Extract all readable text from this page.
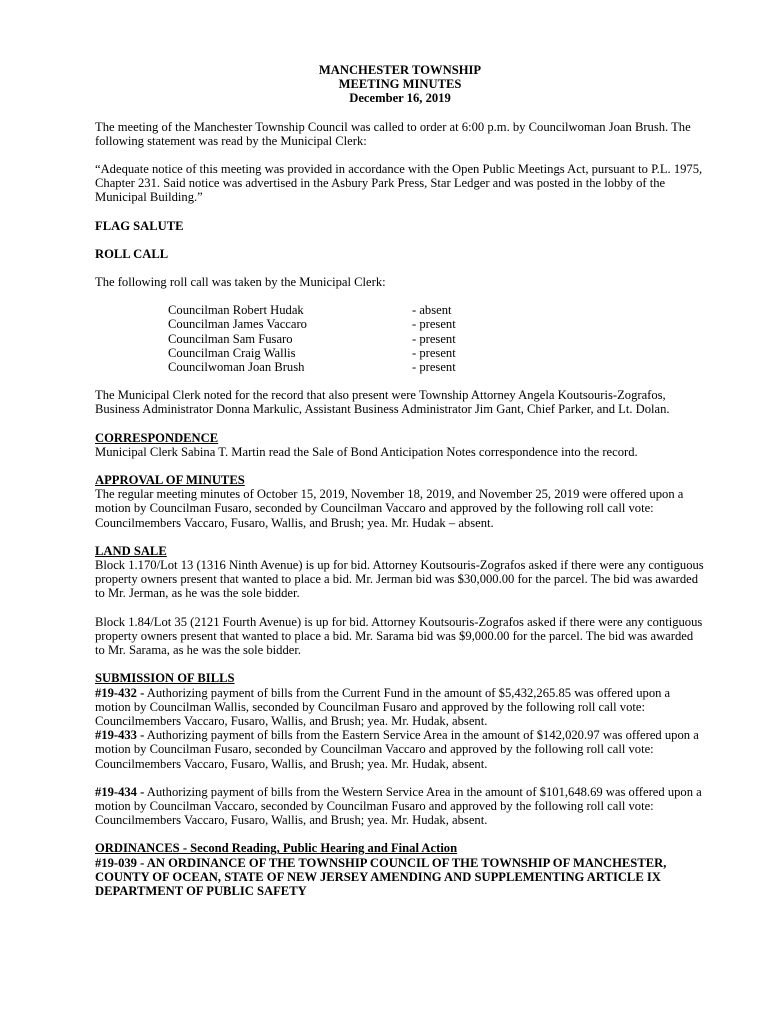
MANCHESTER TOWNSHIP
MEETING MINUTES
December 16, 2019

The meeting of the Manchester Township Council was called to order at 6:00 p.m. by Councilwoman Joan Brush. The following statement was read by the Municipal Clerk:

“Adequate notice of this meeting was provided in accordance with the Open Public Meetings Act, pursuant to P.L. 1975, Chapter 231. Said notice was advertised in the Asbury Park Press, Star Ledger and was posted in the lobby of the Municipal Building.”

FLAG SALUTE

ROLL CALL

The following roll call was taken by the Municipal Clerk:

Councilman Robert Hudak	- absent
Councilman James Vaccaro	- present
Councilman Sam Fusaro	- present
Councilman Craig Wallis	- present
Councilwoman Joan Brush	- present

The Municipal Clerk noted for the record that also present were Township Attorney Angela Koutsouris-Zografos, Business Administrator Donna Markulic, Assistant Business Administrator Jim Gant, Chief Parker, and Lt. Dolan.

CORRESPONDENCE

Municipal Clerk Sabina T. Martin read the Sale of Bond Anticipation Notes correspondence into the record.

APPROVAL OF MINUTES

The regular meeting minutes of October 15, 2019, November 18, 2019, and November 25, 2019 were offered upon a motion by Councilman Fusaro, seconded by Councilman Vaccaro and approved by the following roll call vote: Councilmembers Vaccaro, Fusaro, Wallis, and Brush; yea. Mr. Hudak – absent.

LAND SALE

Block 1.170/Lot 13 (1316 Ninth Avenue) is up for bid. Attorney Koutsouris-Zografos asked if there were any contiguous property owners present that wanted to place a bid. Mr. Jerman bid was $30,000.00 for the parcel. The bid was awarded to Mr. Jerman, as he was the sole bidder.

Block 1.84/Lot 35 (2121 Fourth Avenue) is up for bid. Attorney Koutsouris-Zografos asked if there were any contiguous property owners present that wanted to place a bid. Mr. Sarama bid was $9,000.00 for the parcel. The bid was awarded to Mr. Sarama, as he was the sole bidder.

SUBMISSION OF BILLS

#19-432 - Authorizing payment of bills from the Current Fund in the amount of $5,432,265.85 was offered upon a motion by Councilman Wallis, seconded by Councilman Fusaro and approved by the following roll call vote: Councilmembers Vaccaro, Fusaro, Wallis, and Brush; yea. Mr. Hudak, absent.

#19-433 - Authorizing payment of bills from the Eastern Service Area in the amount of $142,020.97 was offered upon a motion by Councilman Fusaro, seconded by Councilman Vaccaro and approved by the following roll call vote: Councilmembers Vaccaro, Fusaro, Wallis, and Brush; yea. Mr. Hudak, absent.

#19-434 - Authorizing payment of bills from the Western Service Area in the amount of $101,648.69 was offered upon a motion by Councilman Vaccaro, seconded by Councilman Fusaro and approved by the following roll call vote: Councilmembers Vaccaro, Fusaro, Wallis, and Brush; yea. Mr. Hudak, absent.

ORDINANCES - Second Reading, Public Hearing and Final Action

#19-039 - AN ORDINANCE OF THE TOWNSHIP COUNCIL OF THE TOWNSHIP OF MANCHESTER, COUNTY OF OCEAN, STATE OF NEW JERSEY AMENDING AND SUPPLEMENTING ARTICLE IX DEPARTMENT OF PUBLIC SAFETY
